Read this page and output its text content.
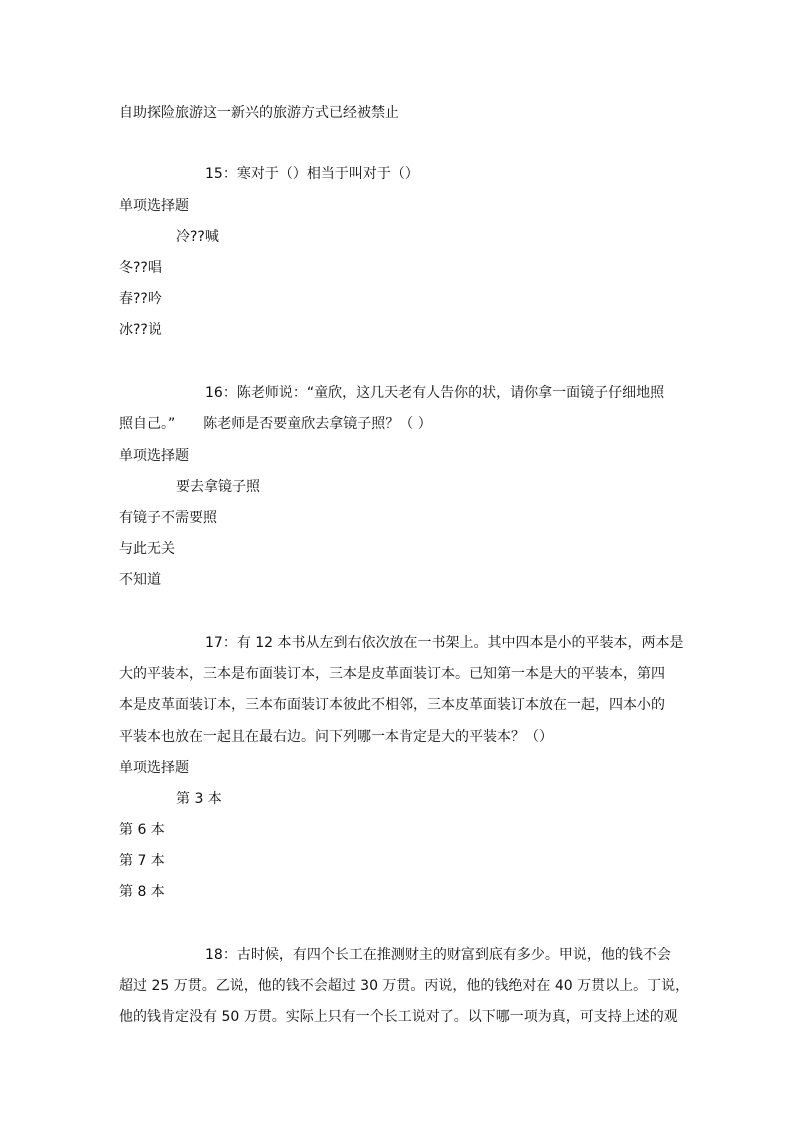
自助探险旅游这一新兴的旅游方式已经被禁止
15：寒对于（）相当于叫对于（）
单项选择题
冷??喊
冬??唱
春??吟
冰??说
16：陈老师说：“童欣，这几天老有人告你的状，请你拿一面镜子仔细地照
照自己。” 陈老师是否要童欣去拿镜子照？（ ）
单项选择题
要去拿镜子照
有镜子不需要照
与此无关
不知道
17：有 12 本书从左到右依次放在一书架上。其中四本是小的平装本，两本是
大的平装本，三本是布面装订本，三本是皮革面装订本。已知第一本是大的平装本，第四
本是皮革面装订本，三本布面装订本彼此不相邻，三本皮革面装订本放在一起，四本小的
平装本也放在一起且在最右边。问下列哪一本肯定是大的平装本？（）
单项选择题
第 3 本
第 6 本
第 7 本
第 8 本
18：古时候，有四个长工在推测财主的财富到底有多少。甲说，他的钱不会
超过 25 万贯。乙说，他的钱不会超过 30 万贯。丙说，他的钱绝对在 40 万贯以上。丁说，
他的钱肯定没有 50 万贯。实际上只有一个长工说对了。以下哪一项为真，可支持上述的观
